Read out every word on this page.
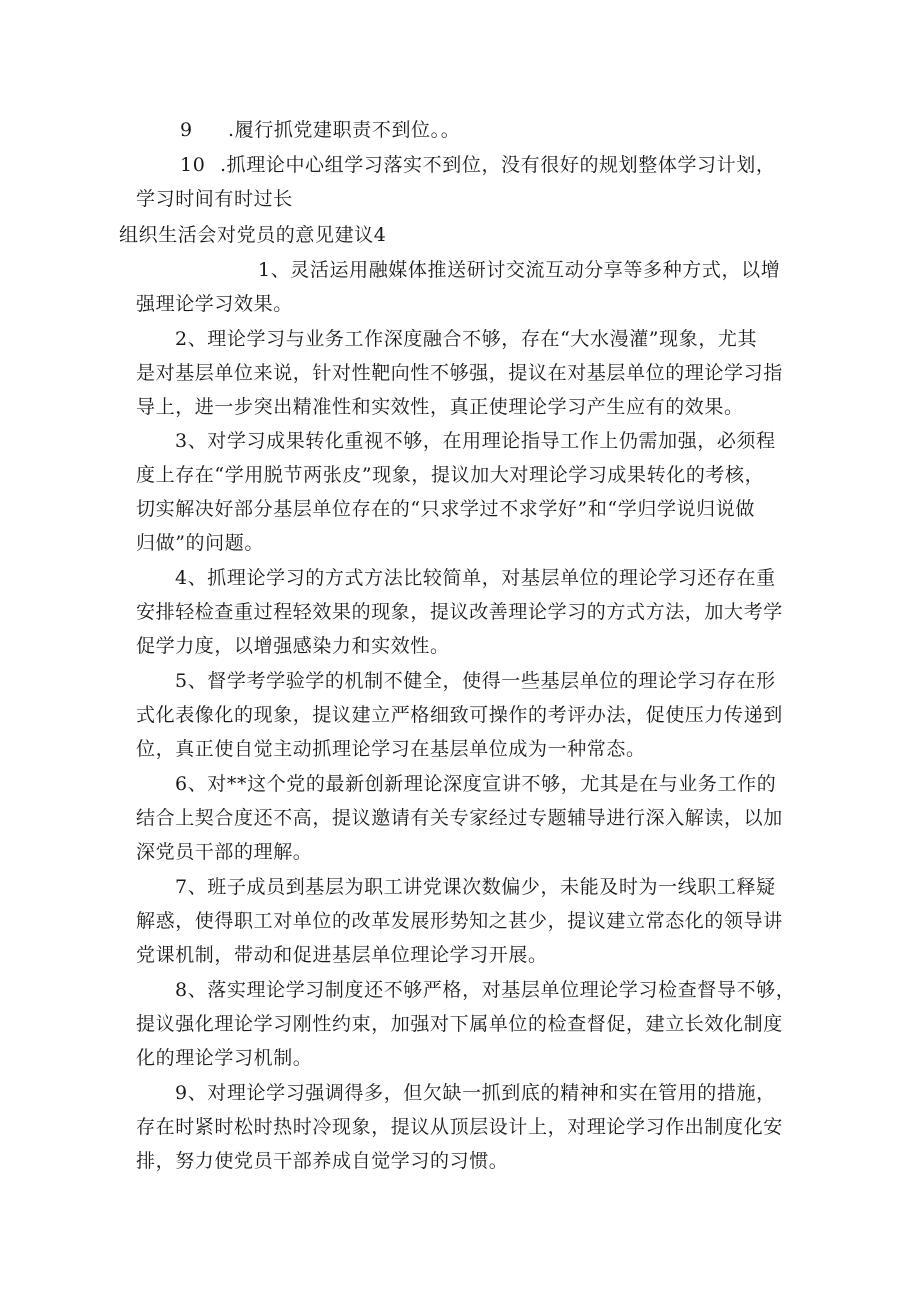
9 .履行抓党建职责不到位。。
10 .抓理论中心组学习落实不到位，没有很好的规划整体学习计划，
学习时间有时过长
组织生活会对党员的意见建议4
1、灵活运用融媒体推送研讨交流互动分享等多种方式，以增
强理论学习效果。
2、理论学习与业务工作深度融合不够，存在“大水漫灌”现象，尤其
是对基层单位来说，针对性靶向性不够强，提议在对基层单位的理论学习指
导上，进一步突出精准性和实效性，真正使理论学习产生应有的效果。
3、对学习成果转化重视不够，在用理论指导工作上仍需加强，必须程
度上存在“学用脱节两张皮”现象，提议加大对理论学习成果转化的考核，
切实解决好部分基层单位存在的“只求学过不求学好”和“学归学说归说做
归做”的问题。
4、抓理论学习的方式方法比较简单，对基层单位的理论学习还存在重
安排轻检查重过程轻效果的现象，提议改善理论学习的方式方法，加大考学
促学力度，以增强感染力和实效性。
5、督学考学验学的机制不健全，使得一些基层单位的理论学习存在形
式化表像化的现象，提议建立严格细致可操作的考评办法，促使压力传递到
位，真正使自觉主动抓理论学习在基层单位成为一种常态。
6、对**这个党的最新创新理论深度宣讲不够，尤其是在与业务工作的
结合上契合度还不高，提议邀请有关专家经过专题辅导进行深入解读，以加
深党员干部的理解。
7、班子成员到基层为职工讲党课次数偏少，未能及时为一线职工释疑
解惑，使得职工对单位的改革发展形势知之甚少，提议建立常态化的领导讲
党课机制，带动和促进基层单位理论学习开展。
8、落实理论学习制度还不够严格，对基层单位理论学习检查督导不够，
提议强化理论学习刚性约束，加强对下属单位的检查督促，建立长效化制度
化的理论学习机制。
9、对理论学习强调得多，但欠缺一抓到底的精神和实在管用的措施，
存在时紧时松时热时冷现象，提议从顶层设计上，对理论学习作出制度化安
排，努力使党员干部养成自觉学习的习惯。
